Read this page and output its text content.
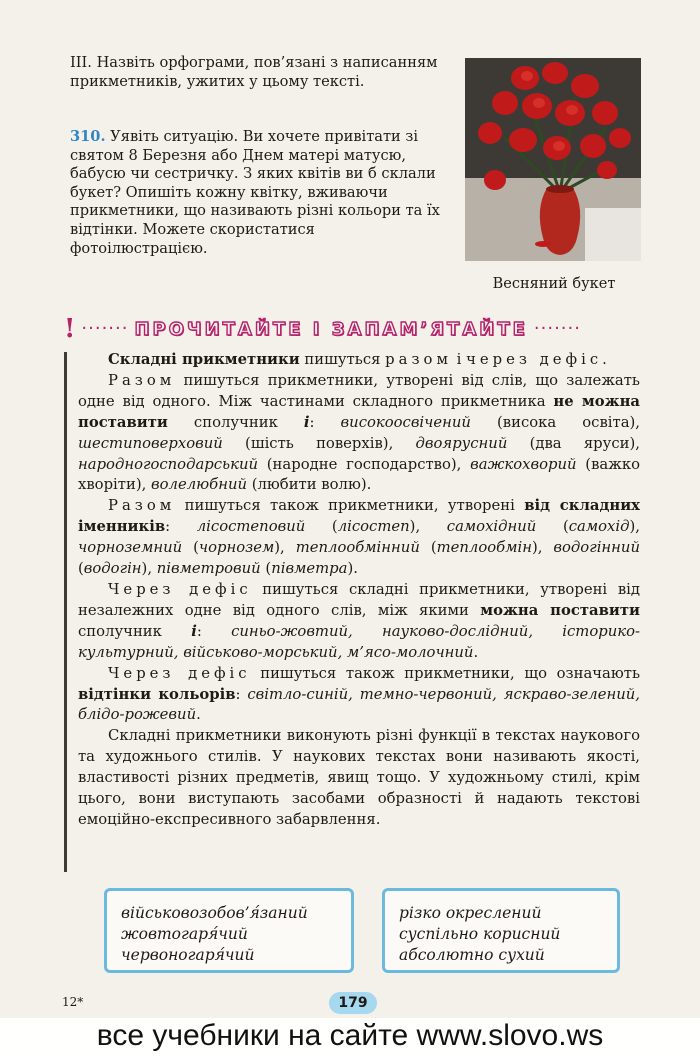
III. Назвіть орфограми, пов’язані з написанням прикметників, ужитих у цьому тексті.
310. Уявіть ситуацію. Ви хочете привітати зі святом 8 Березня або Днем матері матусю, бабусю чи сестричку. З яких квітів ви б склали букет? Опишіть кожну квітку, вживаючи прикметники, що називають різні кольори та їх відтінки. Можете скористатися фотоілюстрацією.
Весняний букет
! ······· ПРОЧИТАЙТЕ І ЗАПАМ’ЯТАЙТЕ ·······

Складні прикметники пишуться разом і через дефіс.

Разом пишуться прикметники, утворені від слів, що залежать одне від одного. Між частинами складного прикметника не можна поставити сполучник і: високоосвічений (висока освіта), шестиповерховий (шість поверхів), двоярусний (два яруси), народногосподарський (народне господарство), важкохворий (важко хворіти), волелюбний (любити волю).

Разом пишуться також прикметники, утворені від складних іменників: лісостеповий (лісостеп), самохідний (самохід), чорноземний (чорнозем), теплообмінний (теплообмін), водогінний (водогін), півметровий (півметра).

Через дефіс пишуться складні прикметники, утворені від незалежних одне від одного слів, між якими можна поставити сполучник і: синьо-жовтий, науково-дослідний, історико-культурний, військово-морський, м’ясо-молочний.

Через дефіс пишуться також прикметники, що означають відтінки кольорів: світло-синій, темно-червоний, яскраво-зелений, блідо-рожевий.

Складні прикметники виконують різні функції в текстах наукового та художнього стилів. У наукових текстах вони називають якості, властивості різних предметів, явищ тощо. У художньому стилі, крім цього, вони виступають засобами образності й надають текстові емоційно-експресивного забарвлення.

військовозобов’я́заний
жовтогаря́чий
червоногаря́чий
різко окреслений
суспільно корисний
абсолютно сухий
12*	179
все учебники на сайте www.slovo.ws
